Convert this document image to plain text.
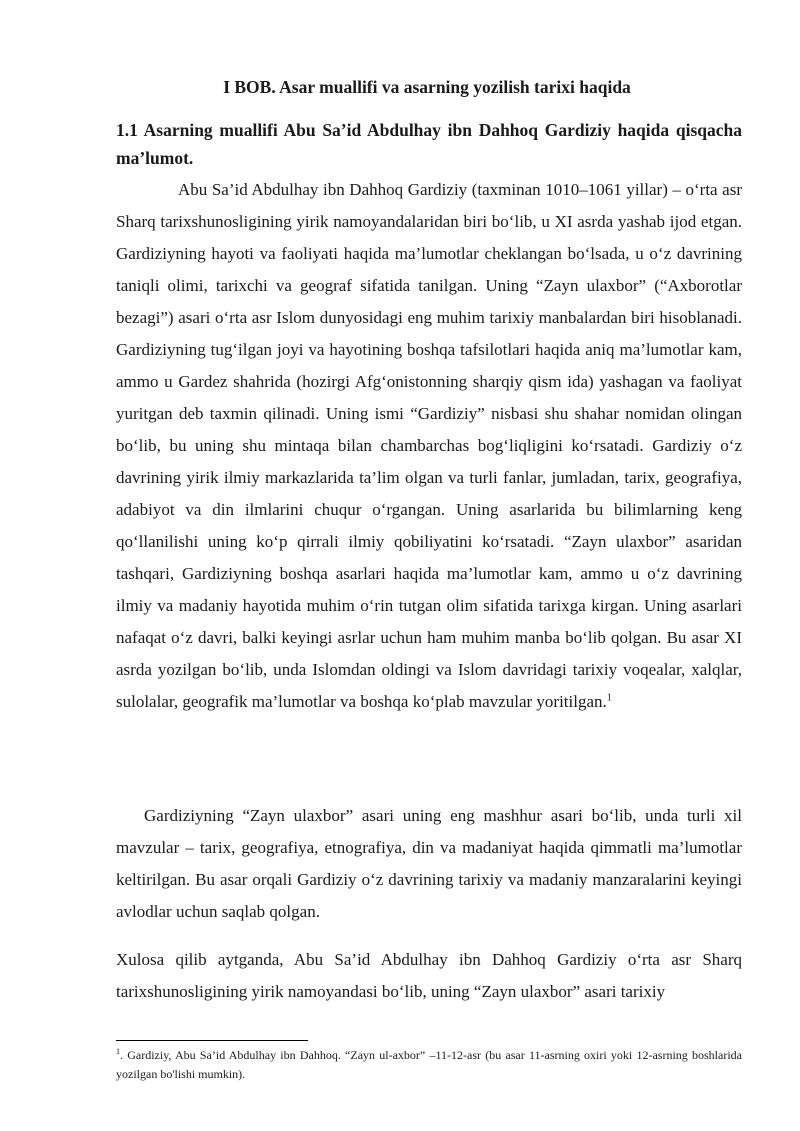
I BOB. Asar muallifi va asarning yozilish tarixi haqida
1.1 Asarning muallifi Abu Sa’id Abdulhay ibn Dahhoq Gardiziy haqida qisqacha ma’lumot.

Abu Sa’id Abdulhay ibn Dahhoq Gardiziy (taxminan 1010–1061 yillar) – o‘rta asr Sharq tarixshunosligining yirik namoyandalaridan biri bo‘lib, u XI asrda yashab ijod etgan. Gardiziyning hayoti va faoliyati haqida ma’lumotlar cheklangan bo‘lsada, u o‘z davrining taniqli olimi, tarixchi va geograf sifatida tanilgan. Uning “Zayn ulaxbor” (“Axborotlar bezagi”) asari o‘rta asr Islom dunyosidagi eng muhim tarixiy manbalardan biri hisoblanadi. Gardiziyning tug‘ilgan joyi va hayotining boshqa tafsilotlari haqida aniq ma’lumotlar kam, ammo u Gardez shahrida (hozirgi Afg‘onistonning sharqiy qism ida) yashagan va faoliyat yuritgan deb taxmin qilinadi. Uning ismi “Gardiziy” nisbasi shu shahar nomidan olingan bo‘lib, bu uning shu mintaqa bilan chambarchas bog‘liqligini ko‘rsatadi. Gardiziy o‘z davrining yirik ilmiy markazlarida ta’lim olgan va turli fanlar, jumladan, tarix, geografiya, adabiyot va din ilmlarini chuqur o‘rgangan. Uning asarlarida bu bilimlarning keng qo‘llanilishi uning ko‘p qirrali ilmiy qobiliyatini ko‘rsatadi. “Zayn ulaxbor” asaridan tashqari, Gardiziyning boshqa asarlari haqida ma’lumotlar kam, ammo u o‘z davrining ilmiy va madaniy hayotida muhim o‘rin tutgan olim sifatida tarixga kirgan. Uning asarlari nafaqat o‘z davri, balki keyingi asrlar uchun ham muhim manba bo‘lib qolgan. Bu asar XI asrda yozilgan bo‘lib, unda Islomdan oldingi va Islom davridagi tarixiy voqealar, xalqlar, sulolalar, geografik ma’lumotlar va boshqa ko‘plab mavzular yoritilgan.$^1$

Gardiziyning “Zayn ulaxbor” asari uning eng mashhur asari bo‘lib, unda turli xil mavzular – tarix, geografiya, etnografiya, din va madaniyat haqida qimmatli ma’lumotlar keltirilgan. Bu asar orqali Gardiziy o‘z davrining tarixiy va madaniy manzaralarini keyingi avlodlar uchun saqlab qolgan.

Xulosa qilib aytganda, Abu Sa’id Abdulhay ibn Dahhoq Gardiziy o‘rta asr Sharq tarixshunosligining yirik namoyandasi bo‘lib, uning “Zayn ulaxbor” asari tarixiy

$^1$. Gardiziy, Abu Sa’id Abdulhay ibn Dahhoq. “Zayn ul-axbor” –11-12-asr (bu asar 11-asrning oxiri yoki 12-asrning boshlarida yozilgan bo'lishi mumkin).
